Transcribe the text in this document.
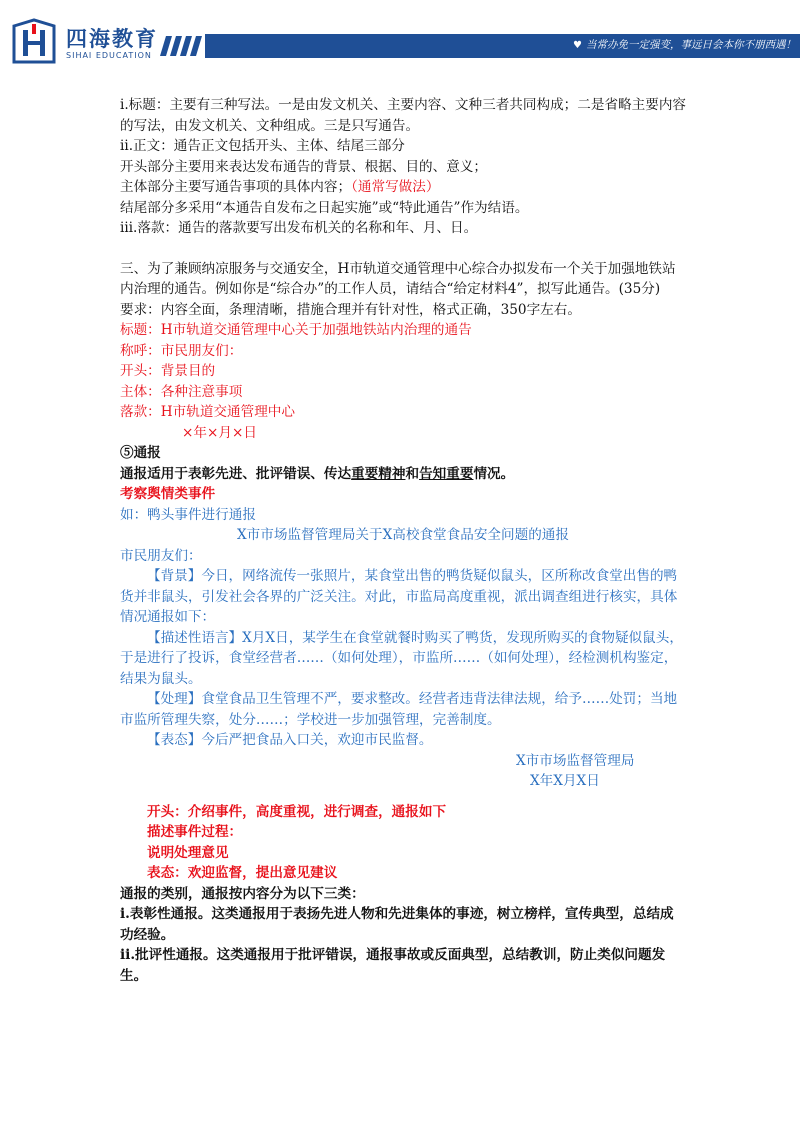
四海教育
SIHAI EDUCATION
♥ 当常办免一定强变，事远日会本你不朋西遇！

ⅰ.标题：主要有三种写法。一是由发文机关、主要内容、文种三者共同构成；二是省略主要内容的写法，由发文机关、文种组成。三是只写通告。

ⅱ.正文：通告正文包括开头、主体、结尾三部分

开头部分主要用来表达发布通告的背景、根据、目的、意义；

主体部分主要写通告事项的具体内容；（通常写做法）

结尾部分多采用“本通告自发布之日起实施”或“特此通告”作为结语。

ⅲ.落款：通告的落款要写出发布机关的名称和年、月、日。

三、为了兼顾纳凉服务与交通安全，H市轨道交通管理中心综合办拟发布一个关于加强地铁站内治理的通告。例如你是“综合办”的工作人员，请结合“给定材料4”，拟写此通告。(35分)

要求：内容全面，条理清晰，措施合理并有针对性，格式正确，350字左右。

标题：H市轨道交通管理中心关于加强地铁站内治理的通告

称呼：市民朋友们：

开头：背景目的

主体：各种注意事项

落款：H市轨道交通管理中心

×年×月×日

⑤通报

通报适用于表彰先进、批评错误、传达重要精神和告知重要情况。

考察舆情类事件

如：鸭头事件进行通报

X市市场监督管理局关于X高校食堂食品安全问题的通报

市民朋友们：

【背景】今日，网络流传一张照片，某食堂出售的鸭货疑似鼠头，区所称改食堂出售的鸭货并非鼠头，引发社会各界的广泛关注。对此，市监局高度重视，派出调查组进行核实，具体情况通报如下：

【描述性语言】X月X日，某学生在食堂就餐时购买了鸭货，发现所购买的食物疑似鼠头，于是进行了投诉，食堂经营者……（如何处理），市监所……（如何处理），经检测机构鉴定，结果为鼠头。

【处理】食堂食品卫生管理不严，要求整改。经营者违背法律法规，给予……处罚；当地市监所管理失察，处分……；学校进一步加强管理，完善制度。

【表态】今后严把食品入口关，欢迎市民监督。

X市市场监督管理局

X年X月X日

开头：介绍事件，高度重视，进行调查，通报如下

描述事件过程：

说明处理意见

表态：欢迎监督，提出意见建议

通报的类别，通报按内容分为以下三类：

ⅰ.表彰性通报。这类通报用于表扬先进人物和先进集体的事迹，树立榜样，宣传典型，总结成功经验。

ⅱ.批评性通报。这类通报用于批评错误，通报事故或反面典型，总结教训，防止类似问题发生。
